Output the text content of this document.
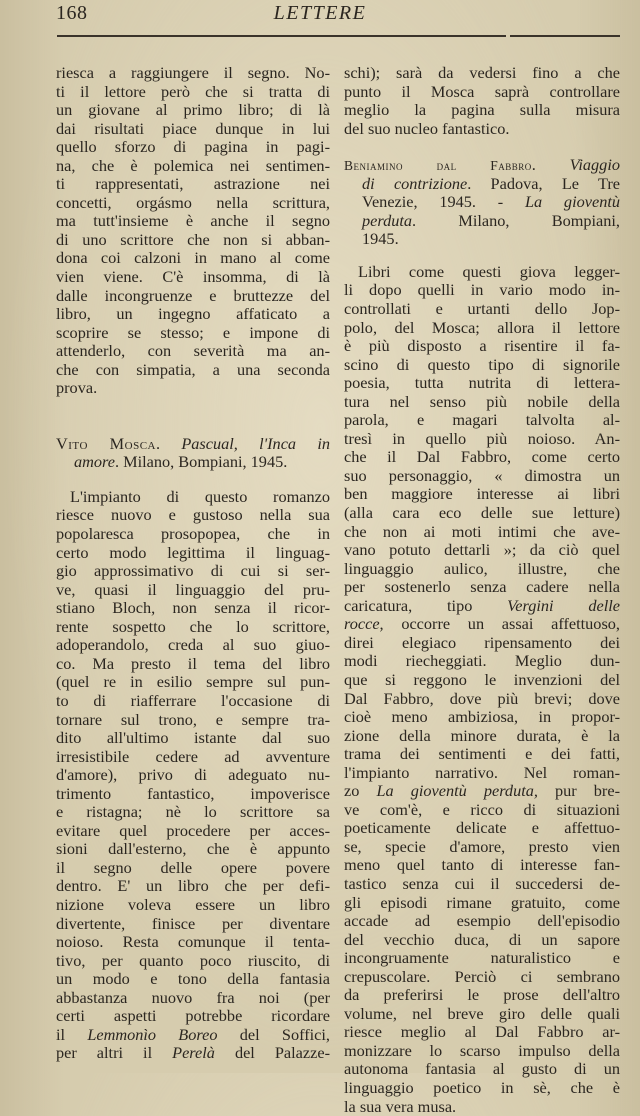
168	LETTERE
riesca a raggiungere il segno. No-
ti il lettore però che si tratta di
un giovane al primo libro; di là
dai risultati piace dunque in lui
quello sforzo di pagina in pagi-
na, che è polemica nei sentimen-
ti rappresentati, astrazione nei
concetti, orgásmo nella scrittura,
ma tutt'insieme è anche il segno
di uno scrittore che non si abban-
dona coi calzoni in mano al come
vien viene. C'è insomma, di là
dalle incongruenze e bruttezze del
libro, un ingegno affaticato a
scoprire se stesso; e impone di
attenderlo, con severità ma an-
che con simpatia, a una seconda
prova.
Vito Mosca. Pascual, l'Inca in
amore. Milano, Bompiani, 1945.
L'impianto di questo romanzo
riesce nuovo e gustoso nella sua
popolaresca prosopopea, che in
certo modo legittima il linguag-
gio approssimativo di cui si ser-
ve, quasi il linguaggio del pru-
stiano Bloch, non senza il ricor-
rente sospetto che lo scrittore,
adoperandolo, creda al suo giuo-
co. Ma presto il tema del libro
(quel re in esilio sempre sul pun-
to di riafferrare l'occasione di
tornare sul trono, e sempre tra-
dito all'ultimo istante dal suo
irresistibile cedere ad avventure
d'amore), privo di adeguato nu-
trimento fantastico, impoverisce
e ristagna; nè lo scrittore sa
evitare quel procedere per acces-
sioni dall'esterno, che è appunto
il segno delle opere povere
dentro. E' un libro che per defi-
nizione voleva essere un libro
divertente, finisce per diventare
noioso. Resta comunque il tenta-
tivo, per quanto poco riuscito, di
un modo e tono della fantasia
abbastanza nuovo fra noi (per
certi aspetti potrebbe ricordare
il Lemmonìo Boreo del Soffici,
per altri il Perelà del Palazze-
schi); sarà da vedersi fino a che
punto il Mosca saprà controllare
meglio la pagina sulla misura
del suo nucleo fantastico.
Beniamino dal Fabbro. Viaggio
di contrizione. Padova, Le Tre
Venezie, 1945. - La gioventù
perduta. Milano, Bompiani,
1945.
Libri come questi giova legger-
li dopo quelli in vario modo in-
controllati e urtanti dello Jop-
polo, del Mosca; allora il lettore
è più disposto a risentire il fa-
scino di questo tipo di signorile
poesia, tutta nutrita di lettera-
tura nel senso più nobile della
parola, e magari talvolta al-
tresì in quello più noioso. An-
che il Dal Fabbro, come certo
suo personaggio, « dimostra un
ben maggiore interesse ai libri
(alla cara eco delle sue letture)
che non ai moti intimi che ave-
vano potuto dettarli »; da ciò quel
linguaggio aulico, illustre, che
per sostenerlo senza cadere nella
caricatura, tipo Vergini delle
rocce, occorre un assai affettuoso,
direi elegiaco ripensamento dei
modi riecheggiati. Meglio dun-
que si reggono le invenzioni del
Dal Fabbro, dove più brevi; dove
cioè meno ambiziosa, in propor-
zione della minore durata, è la
trama dei sentimenti e dei fatti,
l'impianto narrativo. Nel roman-
zo La gioventù perduta, pur bre-
ve com'è, e ricco di situazioni
poeticamente delicate e affettuo-
se, specie d'amore, presto vien
meno quel tanto di interesse fan-
tastico senza cui il succedersi de-
gli episodi rimane gratuito, come
accade ad esempio dell'episodio
del vecchio duca, di un sapore
incongruamente naturalistico e
crepuscolare. Perciò ci sembrano
da preferirsi le prose dell'altro
volume, nel breve giro delle quali
riesce meglio al Dal Fabbro ar-
monizzare lo scarso impulso della
autonoma fantasia al gusto di un
linguaggio poetico in sè, che è
la sua vera musa.
